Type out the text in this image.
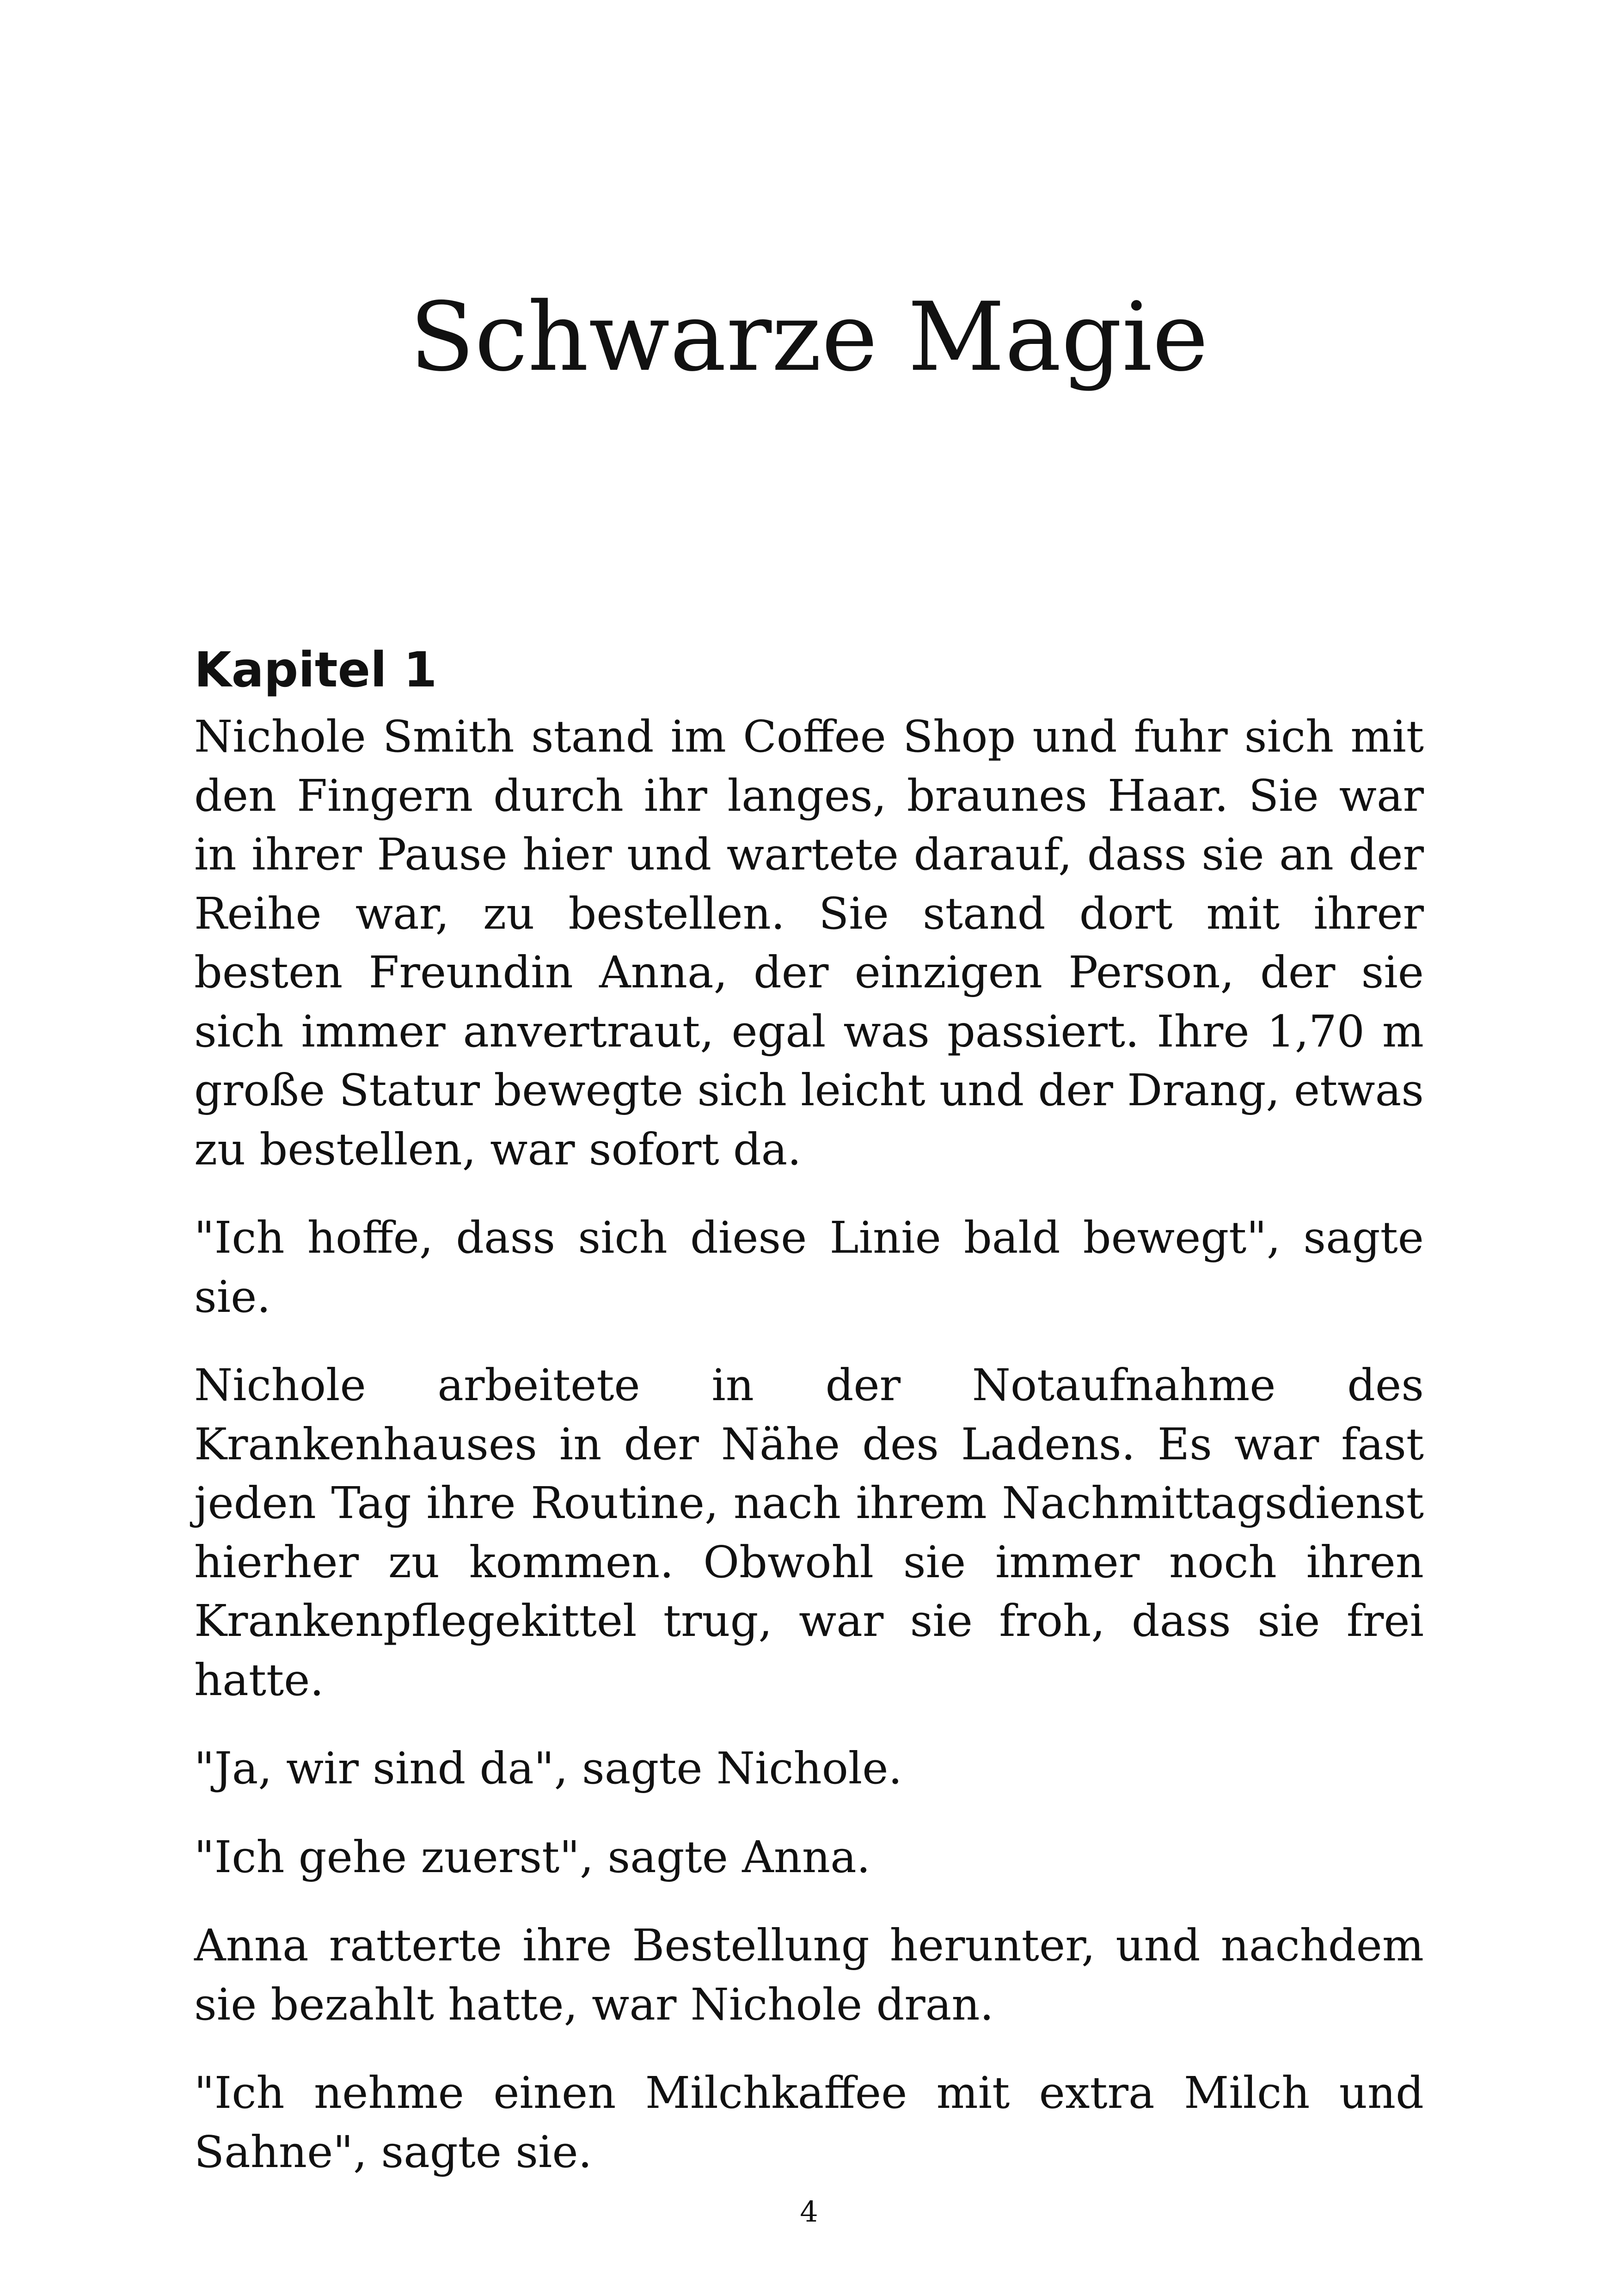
Schwarze Magie
Kapitel 1

Nichole Smith stand im Coffee Shop und fuhr sich mit den Fingern durch ihr langes, braunes Haar. Sie war in ihrer Pause hier und wartete darauf, dass sie an der Reihe war, zu bestellen. Sie stand dort mit ihrer besten Freundin Anna, der einzigen Person, der sie sich immer anvertraut, egal was passiert. Ihre 1,70 m große Statur bewegte sich leicht und der Drang, etwas zu bestellen, war sofort da.

"Ich hoffe, dass sich diese Linie bald bewegt", sagte sie.

Nichole arbeitete in der Notaufnahme des Krankenhauses in der Nähe des Ladens. Es war fast jeden Tag ihre Routine, nach ihrem Nachmittagsdienst hierher zu kommen. Obwohl sie immer noch ihren Krankenpflegekittel trug, war sie froh, dass sie frei hatte.

"Ja, wir sind da", sagte Nichole.

"Ich gehe zuerst", sagte Anna.

Anna ratterte ihre Bestellung herunter, und nachdem sie bezahlt hatte, war Nichole dran.

"Ich nehme einen Milchkaffee mit extra Milch und Sahne", sagte sie.

4
